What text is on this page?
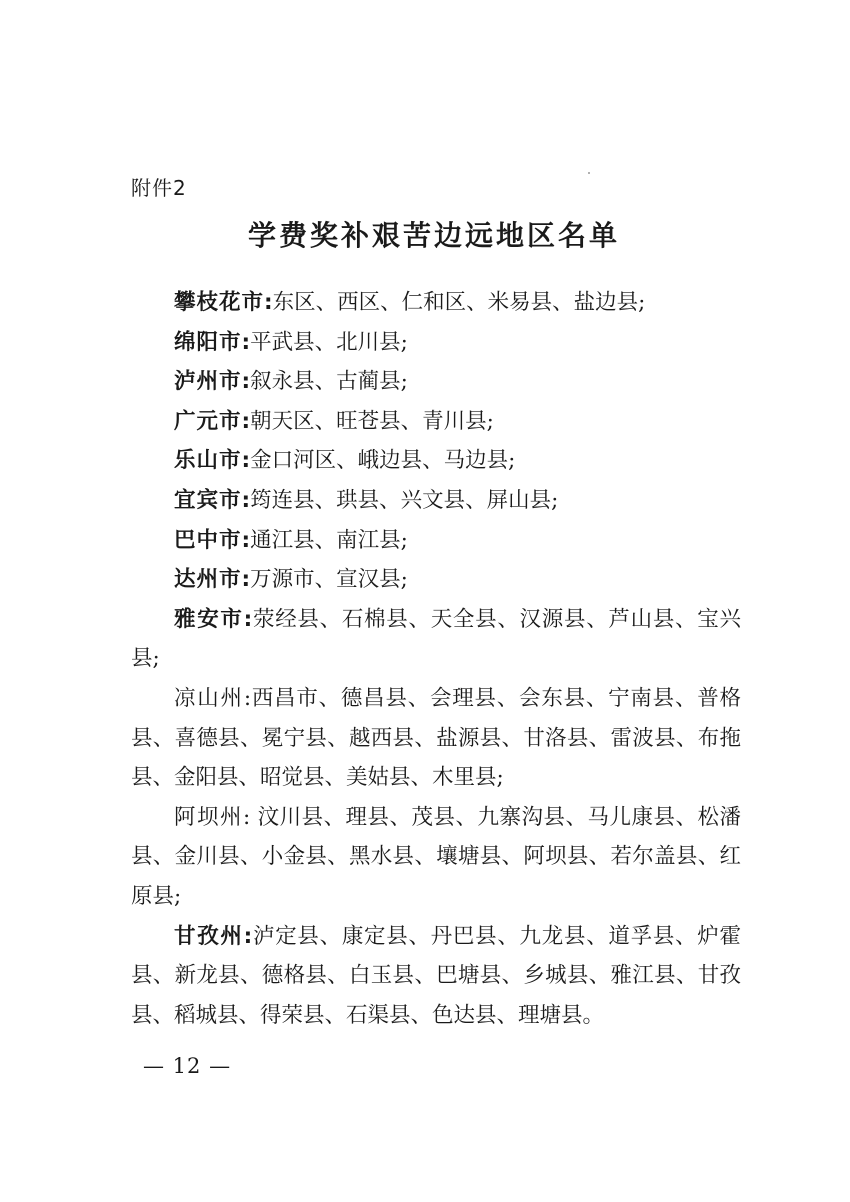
附件2
学费奖补艰苦边远地区名单

攀枝花市:东区、西区、仁和区、米易县、盐边县;

绵阳市:平武县、北川县;

泸州市:叙永县、古蔺县;

广元市:朝天区、旺苍县、青川县;

乐山市:金口河区、峨边县、马边县;

宜宾市:筠连县、珙县、兴文县、屏山县;

巴中市:通江县、南江县;

达州市:万源市、宣汉县;

雅安市:荥经县、石棉县、天全县、汉源县、芦山县、宝兴县;

凉山州:西昌市、德昌县、会理县、会东县、宁南县、普格县、喜德县、冕宁县、越西县、盐源县、甘洛县、雷波县、布拖县、金阳县、昭觉县、美姑县、木里县;

阿坝州: 汶川县、理县、茂县、九寨沟县、马儿康县、松潘县、金川县、小金县、黑水县、壤塘县、阿坝县、若尔盖县、红原县;

甘孜州:泸定县、康定县、丹巴县、九龙县、道孚县、炉霍县、新龙县、德格县、白玉县、巴塘县、乡城县、雅江县、甘孜县、稻城县、得荣县、石渠县、色达县、理塘县。

— 12 —
